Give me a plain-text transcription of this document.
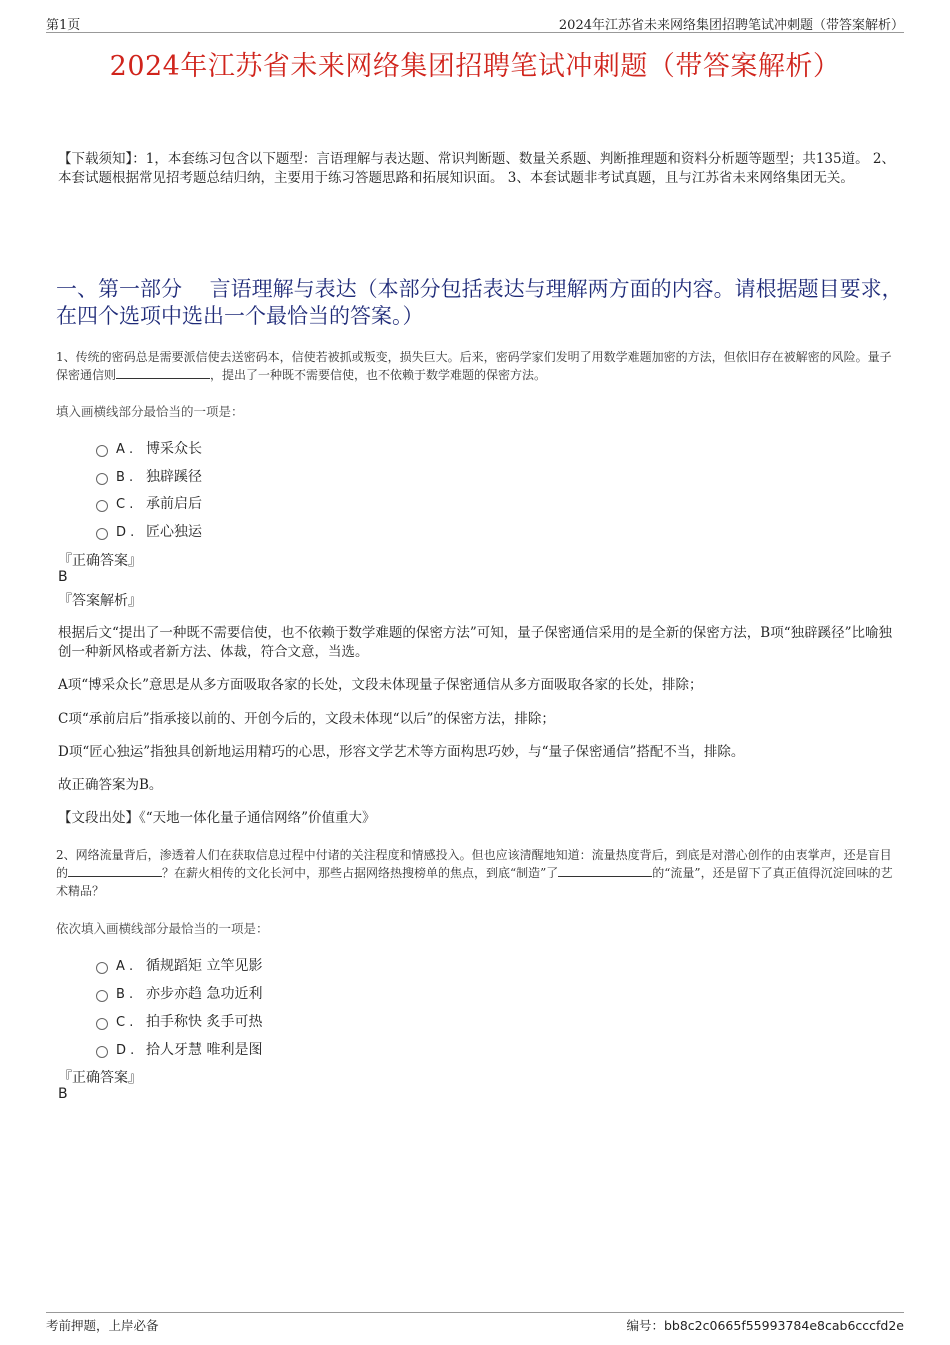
第1页	2024年江苏省未来网络集团招聘笔试冲刺题（带答案解析）
2024年江苏省未来网络集团招聘笔试冲刺题（带答案解析）
【下载须知】：1，本套练习包含以下题型：言语理解与表达题、常识判断题、数量关系题、判断推理题和资料分析题等题型；共135道。 2、本套试题根据常见招考题总结归纳，主要用于练习答题思路和拓展知识面。 3、本套试题非考试真题，且与江苏省未来网络集团无关。
一、第一部分　 言语理解与表达（本部分包括表达与理解两方面的内容。请根据题目要求，在四个选项中选出一个最恰当的答案。）
1、传统的密码总是需要派信使去送密码本，信使若被抓或叛变，损失巨大。后来，密码学家们发明了用数学难题加密的方法，但依旧存在被解密的风险。量子保密通信则	，提出了一种既不需要信使，也不依赖于数学难题的保密方法。
填入画横线部分最恰当的一项是：
A . 博采众长
B . 独辟蹊径
C . 承前启后
D . 匠心独运
『正确答案』
B
『答案解析』
根据后文“提出了一种既不需要信使，也不依赖于数学难题的保密方法”可知，量子保密通信采用的是全新的保密方法，B项“独辟蹊径”比喻独创一种新风格或者新方法、体裁，符合文意，当选。
A项“博采众长”意思是从多方面吸取各家的长处，文段未体现量子保密通信从多方面吸取各家的长处，排除；
C项“承前启后”指承接以前的、开创今后的，文段未体现“以后”的保密方法，排除；
D项“匠心独运”指独具创新地运用精巧的心思，形容文学艺术等方面构思巧妙，与“量子保密通信”搭配不当，排除。
故正确答案为B。
【文段出处】《“天地一体化量子通信网络”价值重大》
2、网络流量背后，渗透着人们在获取信息过程中付诸的关注程度和情感投入。但也应该清醒地知道：流量热度背后，到底是对潜心创作的由衷掌声，还是盲目的	？在薪火相传的文化长河中，那些占据网络热搜榜单的焦点，到底“制造”了	的“流量”，还是留下了真正值得沉淀回味的艺术精品？
依次填入画横线部分最恰当的一项是：
A . 循规蹈矩 立竿见影
B . 亦步亦趋 急功近利
C . 拍手称快 炙手可热
D . 拾人牙慧 唯利是图
『正确答案』
B
考前押题，上岸必备	编号：bb8c2c0665f55993784e8cab6cccfd2e
